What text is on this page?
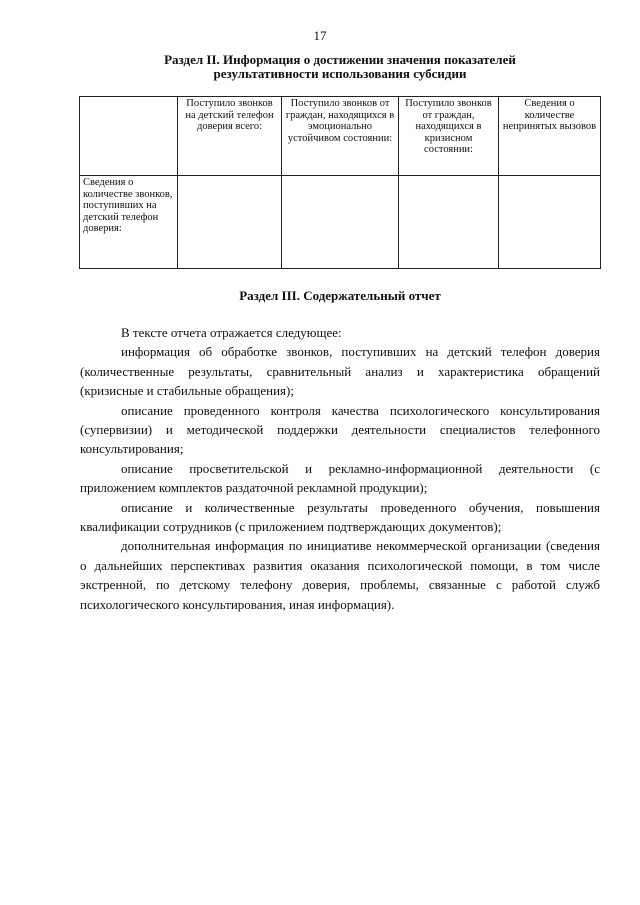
17
Раздел II. Информация о достижении значения показателей
результативности использования субсидии
	Поступило звонков на детский телефон доверия всего:	Поступило звонков от граждан, находящихся в эмоционально устойчивом состоянии:	Поступило звонков от граждан, находящихся в кризисном состоянии:	Сведения о количестве непринятых вызовов
Сведения о количестве звонков, поступивших на детский телефон доверия:				
Раздел III. Содержательный отчет

В тексте отчета отражается следующее:

информация об обработке звонков, поступивших на детский телефон доверия (количественные результаты, сравнительный анализ и характеристика обращений (кризисные и стабильные обращения);

описание проведенного контроля качества психологического консультирования (супервизии) и методической поддержки деятельности специалистов телефонного консультирования;

описание просветительской и рекламно-информационной деятельности (с приложением комплектов раздаточной рекламной продукции);

описание и количественные результаты проведенного обучения, повышения квалификации сотрудников (с приложением подтверждающих документов);

дополнительная информация по инициативе некоммерческой организации (сведения о дальнейших перспективах развития оказания психологической помощи, в том числе экстренной, по детскому телефону доверия, проблемы, связанные с работой служб психологического консультирования, иная информация).
